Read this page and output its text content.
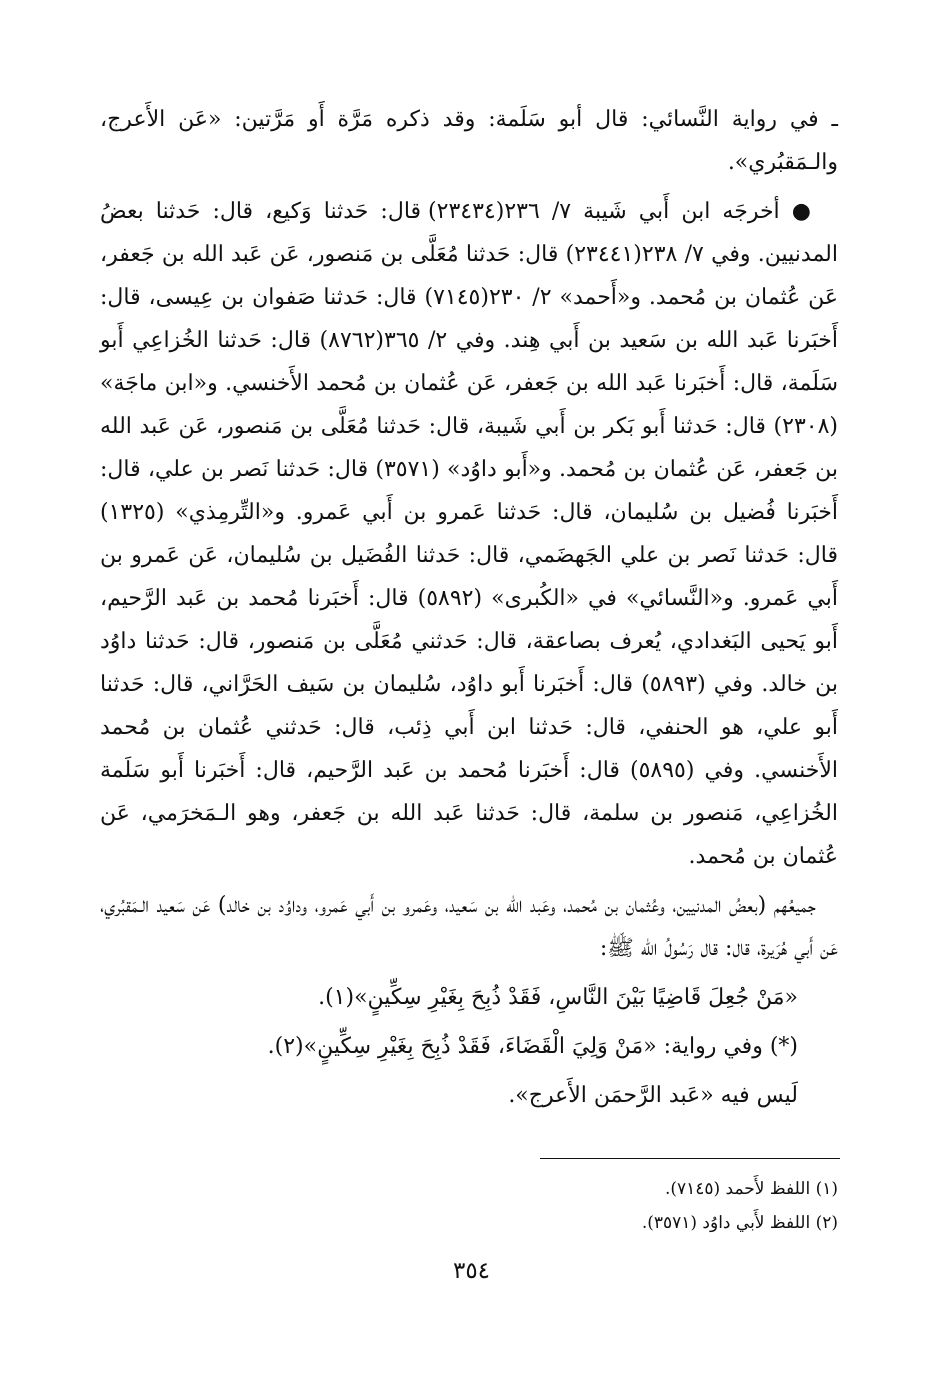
ـ في رواية النَّسائي: قال أبو سَلَمة: وقد ذكره مَرَّة أَو مَرَّتين: «عَن الأَعرج، والـمَقبُري».

● أخرجَه ابن أَبي شَيبة ٧/ ٢٣٦(٢٣٤٣٤) قال: حَدثنا وَكيع، قال: حَدثنا بعضُ المدنيين. وفي ٧/ ٢٣٨(٢٣٤٤١) قال: حَدثنا مُعَلَّى بن مَنصور، عَن عَبد الله بن جَعفر، عَن عُثمان بن مُحمد. و«أَحمد» ٢/ ٢٣٠(٧١٤٥) قال: حَدثنا صَفوان بن عِيسى، قال: أَخبَرنا عَبد الله بن سَعيد بن أَبي هِند. وفي ٢/ ٣٦٥(٨٧٦٢) قال: حَدثنا الخُزاعِي أَبو سَلَمة، قال: أَخبَرنا عَبد الله بن جَعفر، عَن عُثمان بن مُحمد الأَخنسي. و«ابن ماجَة» (٢٣٠٨) قال: حَدثنا أَبو بَكر بن أَبي شَيبة، قال: حَدثنا مُعَلَّى بن مَنصور، عَن عَبد الله بن جَعفر، عَن عُثمان بن مُحمد. و«أَبو داوُد» (٣٥٧١) قال: حَدثنا نَصر بن علي، قال: أَخبَرنا فُضيل بن سُليمان، قال: حَدثنا عَمرو بن أَبي عَمرو. و«التِّرمِذي» (١٣٢٥) قال: حَدثنا نَصر بن علي الجَهضَمي، قال: حَدثنا الفُضَيل بن سُليمان، عَن عَمرو بن أَبي عَمرو. و«النَّسائي» في «الكُبرى» (٥٨٩٢) قال: أَخبَرنا مُحمد بن عَبد الرَّحيم، أَبو يَحيى البَغدادي، يُعرف بصاعقة، قال: حَدثني مُعَلَّى بن مَنصور، قال: حَدثنا داوُد بن خالد. وفي (٥٨٩٣) قال: أَخبَرنا أَبو داوُد، سُليمان بن سَيف الحَرَّاني، قال: حَدثنا أَبو علي، هو الحنفي، قال: حَدثنا ابن أَبي ذِئب، قال: حَدثني عُثمان بن مُحمد الأَخنسي. وفي (٥٨٩٥) قال: أَخبَرنا مُحمد بن عَبد الرَّحيم، قال: أَخبَرنا أَبو سَلَمة الخُزاعِي، مَنصور بن سلمة، قال: حَدثنا عَبد الله بن جَعفر، وهو الـمَخرَمي، عَن عُثمان بن مُحمد.

جميعُهم (بعضُ المدنيين، وعُثمان بن مُحمد، وعَبد الله بن سَعيد، وعَمرو بن أَبي عَمرو، وداوُد بن خالد) عَن سَعيد الـمَقبُري، عَن أَبي هُرَيرة، قال: قال رَسُولُ الله ﷺ:

«مَنْ جُعِلَ قَاضِيًا بَيْنَ النَّاسِ، فَقَدْ ذُبِحَ بِغَيْرِ سِكِّينٍ»(١).

(*) وفي رواية: «مَنْ وَلِيَ الْقَضَاءَ، فَقَدْ ذُبِحَ بِغَيْرِ سِكِّينٍ»(٢).

لَيس فيه «عَبد الرَّحمَن الأَعرج».

(١) اللفظ لأَحمد (٧١٤٥).

(٢) اللفظ لأَبي داوُد (٣٥٧١).

٣٥٤
